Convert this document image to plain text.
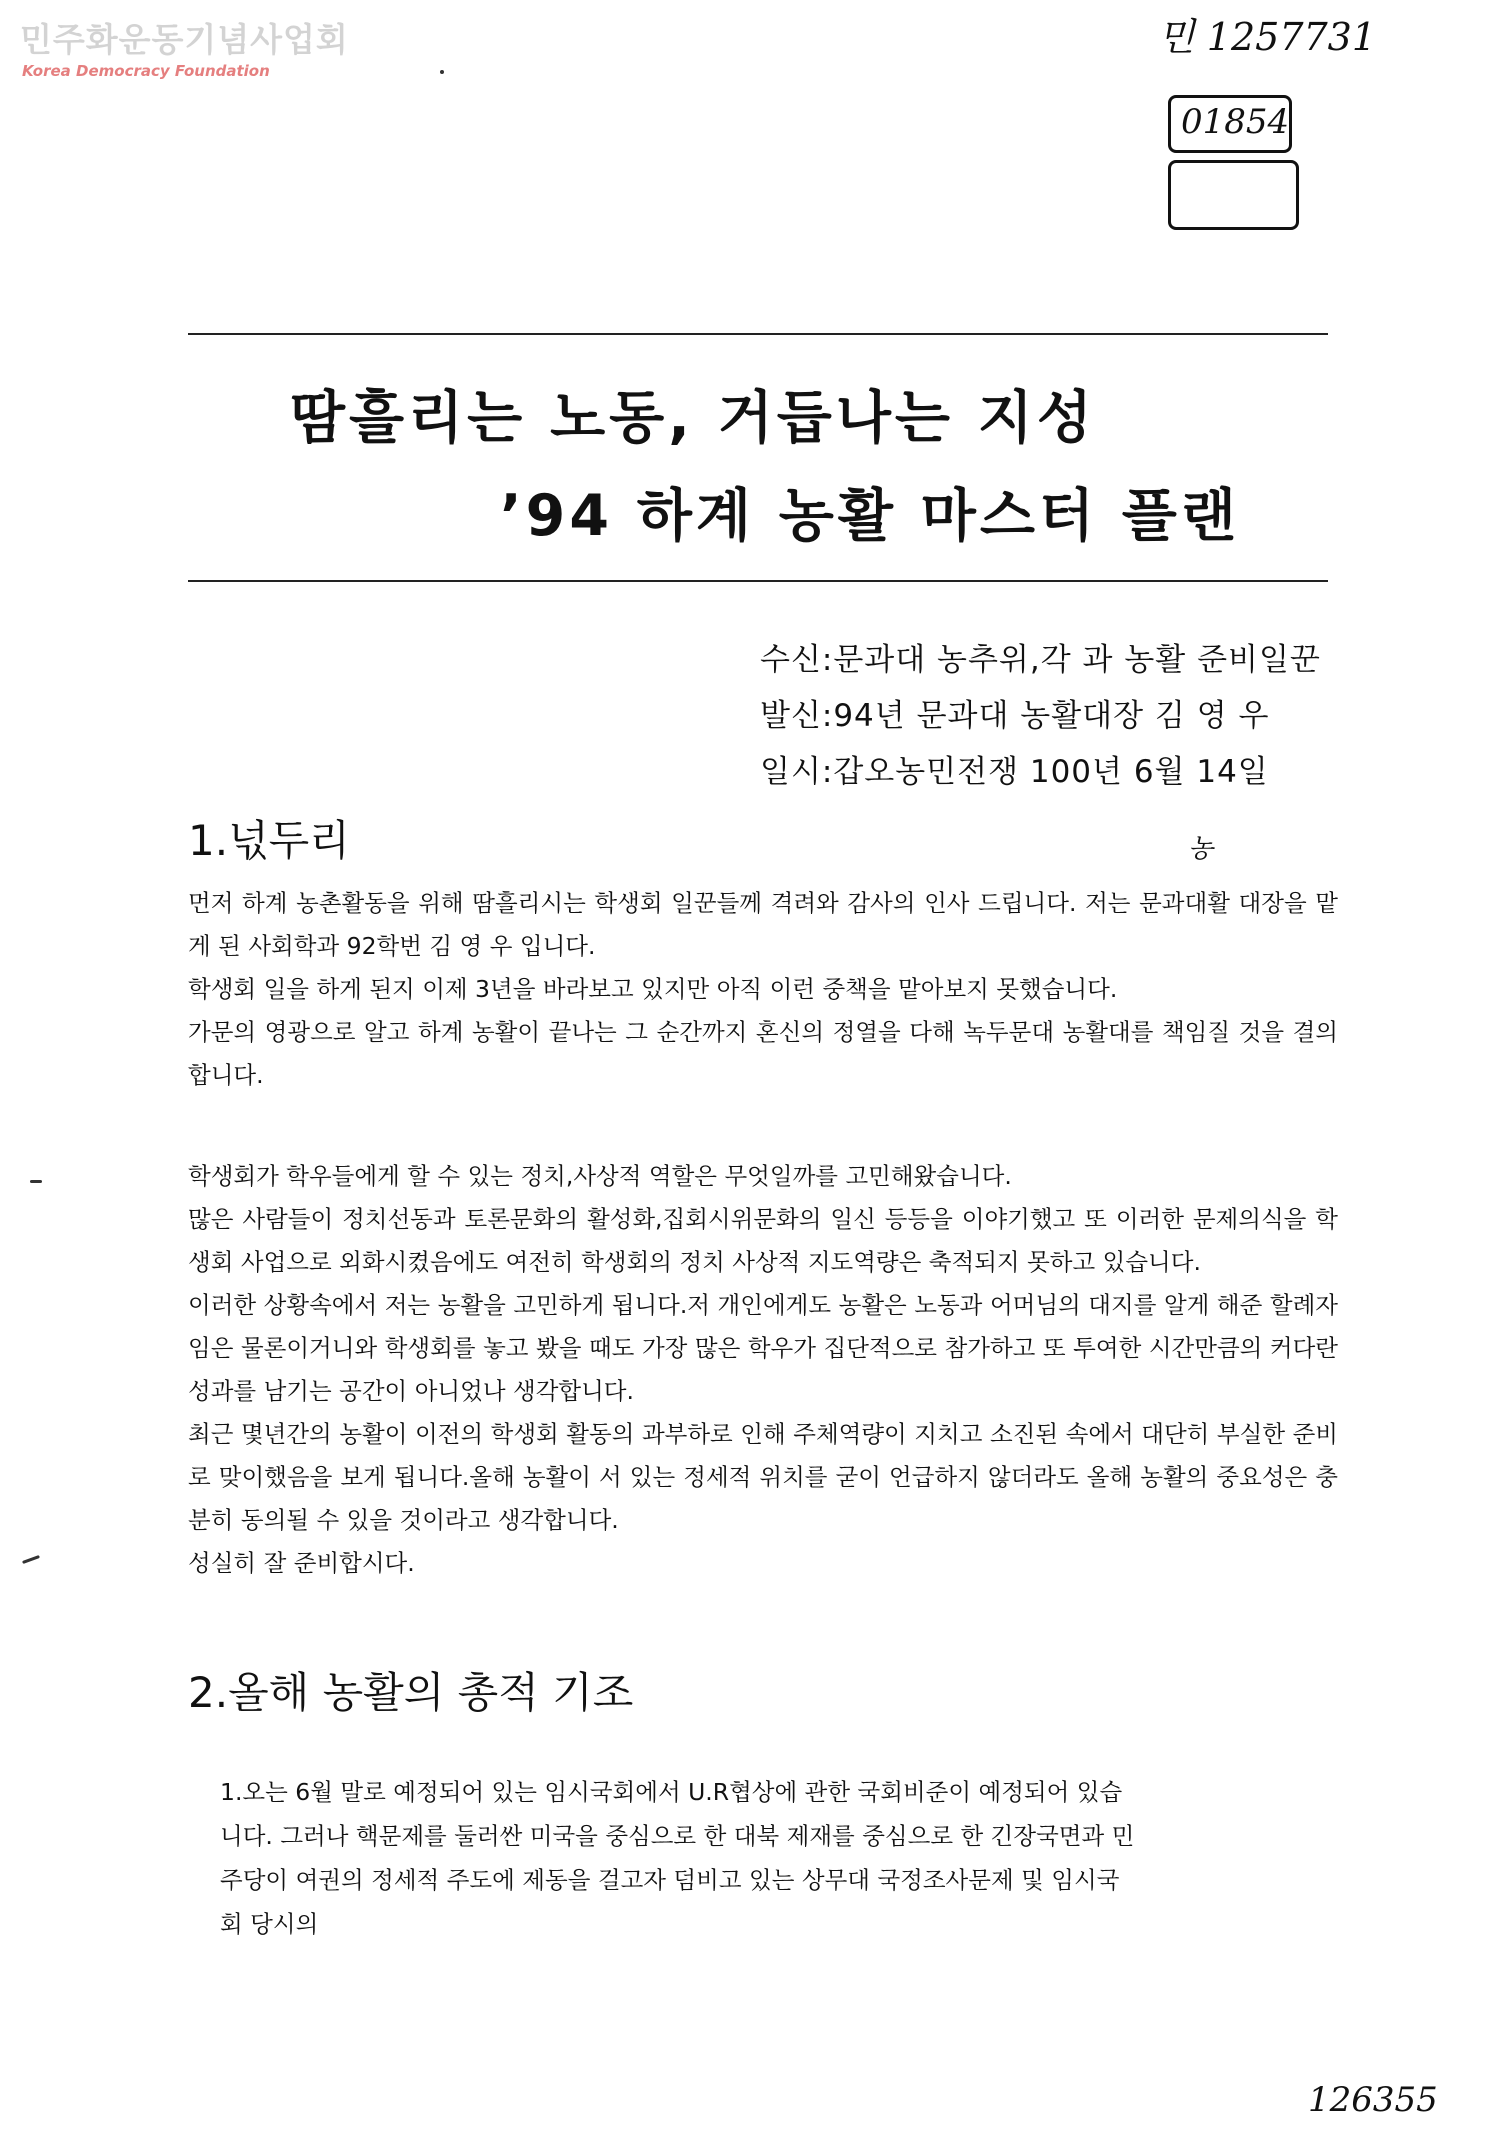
민주화운동기념사업회
Korea Democracy Foundation
민 1257731
01854
농
땀흘리는 노동, 거듭나는 지성
’94 하계 농활 마스터 플랜
수신:문과대 농추위,각 과 농활 준비일꾼
발신:94년 문과대 농활대장 김 영 우
일시:갑오농민전쟁 100년 6월 14일
1.넋두리
먼저 하계 농촌활동을 위해 땀흘리시는 학생회 일꾼들께 격려와 감사의 인사 드립니다. 저는 문과대활 대장을 맡게 된 사회학과 92학번 김 영 우 입니다.
학생회 일을 하게 된지 이제 3년을 바라보고 있지만 아직 이런 중책을 맡아보지 못했습니다.
가문의 영광으로 알고 하계 농활이 끝나는 그 순간까지 혼신의 정열을 다해 녹두문대 농활대를 책임질 것을 결의합니다.
학생회가 학우들에게 할 수 있는 정치,사상적 역할은 무엇일까를 고민해왔습니다.
많은 사람들이 정치선동과 토론문화의 활성화,집회시위문화의 일신 등등을 이야기했고 또 이러한 문제의식을 학생회 사업으로 외화시켰음에도 여전히 학생회의 정치 사상적 지도역량은 축적되지 못하고 있습니다.
이러한 상황속에서 저는 농활을 고민하게 됩니다.저 개인에게도 농활은 노동과 어머님의 대지를 알게 해준 할례자임은 물론이거니와 학생회를 놓고 봤을 때도 가장 많은 학우가 집단적으로 참가하고 또 투여한 시간만큼의 커다란 성과를 남기는 공간이 아니었나 생각합니다.
최근 몇년간의 농활이 이전의 학생회 활동의 과부하로 인해 주체역량이 지치고 소진된 속에서 대단히 부실한 준비로 맞이했음을 보게 됩니다.올해 농활이 서 있는 정세적 위치를 굳이 언급하지 않더라도 올해 농활의 중요성은 충분히 동의될 수 있을 것이라고 생각합니다.
성실히 잘 준비합시다.
2.올해 농활의 총적 기조
1.오는 6월 말로 예정되어 있는 임시국회에서 U.R협상에 관한 국회비준이 예정되어 있습니다. 그러나 핵문제를 둘러싼 미국을 중심으로 한 대북 제재를 중심으로 한 긴장국면과 민주당이 여권의 정세적 주도에 제동을 걸고자 덤비고 있는 상무대 국정조사문제 및 임시국회 당시의
126355
